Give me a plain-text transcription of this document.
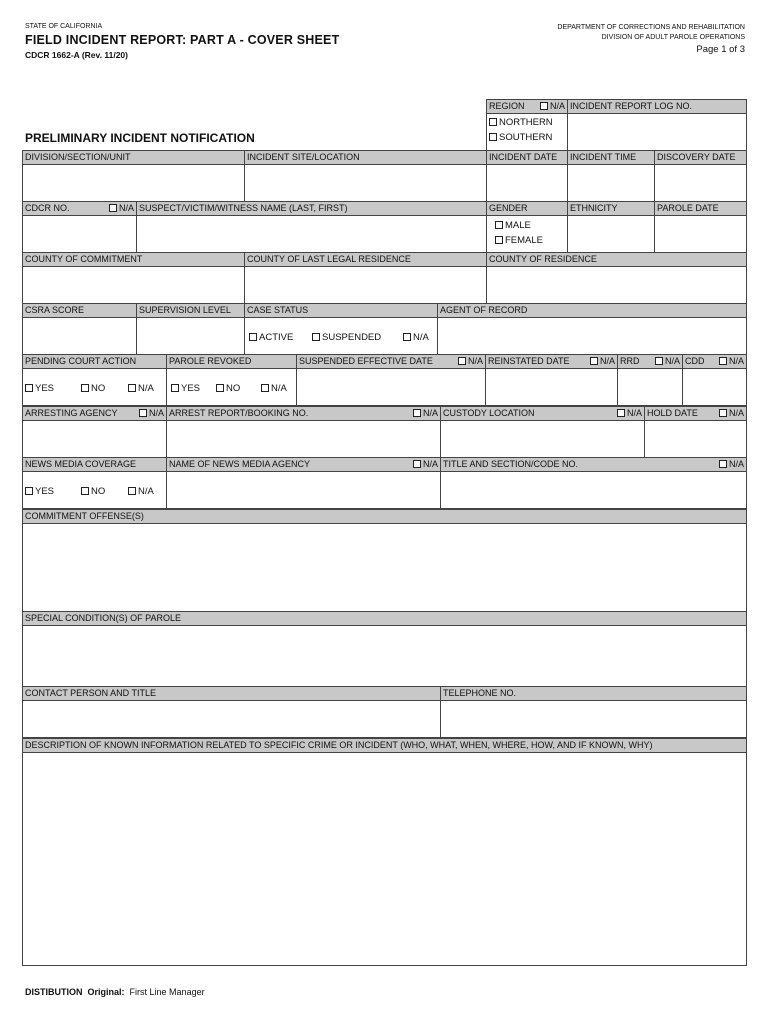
STATE OF CALIFORNIA
FIELD INCIDENT REPORT: PART A - COVER SHEET
CDCR 1662-A (Rev. 11/20)
DEPARTMENT OF CORRECTIONS AND REHABILITATION
DIVISION OF ADULT PAROLE OPERATIONS
Page 1 of 3
PRELIMINARY INCIDENT NOTIFICATION
REGION	N/A INCIDENT REPORT LOG NO.
NORTHERN
SOUTHERN
DIVISION/SECTION/UNIT	INCIDENT SITE/LOCATION	INCIDENT DATE	INCIDENT TIME	DISCOVERY DATE
CDCR NO.	N/A SUSPECT/VICTIM/WITNESS NAME (LAST, FIRST)	GENDER	ETHNICITY	PAROLE DATE
MALE
FEMALE
COUNTY OF COMMITMENT	COUNTY OF LAST LEGAL RESIDENCE	COUNTY OF RESIDENCE
CSRA SCORE	SUPERVISION LEVEL	CASE STATUS	AGENT OF RECORD
ACTIVE	SUSPENDED	N/A
PENDING COURT ACTION	PAROLE REVOKED	SUSPENDED EFFECTIVE DATE	N/A REINSTATED DATE	N/A RRD	N/A CDD	N/A
YES	NO	N/A	YES	NO	N/A
ARRESTING AGENCY	N/A ARREST REPORT/BOOKING NO.	N/A CUSTODY LOCATION	N/A HOLD DATE	N/A
NEWS MEDIA COVERAGE	NAME OF NEWS MEDIA AGENCY	N/A TITLE AND SECTION/CODE NO.	N/A
YES	NO	N/A
COMMITMENT OFFENSE(S)
SPECIAL CONDITION(S) OF PAROLE
CONTACT PERSON AND TITLE	TELEPHONE NO.
DESCRIPTION OF KNOWN INFORMATION RELATED TO SPECIFIC CRIME OR INCIDENT (WHO, WHAT, WHEN, WHERE, HOW, AND IF KNOWN, WHY)
DISTIBUTION Original: First Line Manager
